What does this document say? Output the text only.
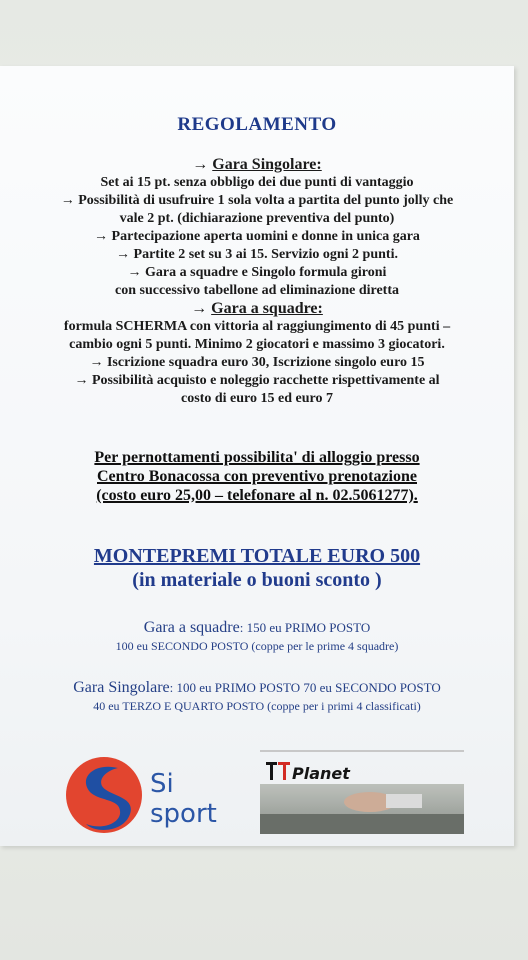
REGOLAMENTO
→ Gara Singolare:
Set ai 15 pt. senza obbligo dei due punti di vantaggio
→ Possibilità di usufruire 1 sola volta a partita del punto jolly che
vale 2 pt. (dichiarazione preventiva del punto)
→ Partecipazione aperta uomini e donne in unica gara
→ Partite 2 set su 3 ai 15. Servizio ogni 2 punti.
→ Gara a squadre e Singolo formula gironi
con successivo tabellone ad eliminazione diretta
→ Gara a squadre:
formula SCHERMA con vittoria al raggiungimento di 45 punti –
cambio ogni 5 punti. Minimo 2 giocatori e massimo 3 giocatori.
→ Iscrizione squadra euro 30, Iscrizione singolo euro 15
→ Possibilità acquisto e noleggio racchette rispettivamente al
costo di euro 15 ed euro 7
Per pernottamenti possibilita' di alloggio presso
Centro Bonacossa con preventivo prenotazione
(costo euro 25,00 – telefonare al n. 02.5061277).
MONTEPREMI TOTALE EURO 500
(in materiale o buoni sconto )
Gara a squadre: 150 eu PRIMO POSTO
100 eu SECONDO POSTO (coppe per le prime 4 squadre)
Gara Singolare: 100 eu PRIMO POSTO 70 eu SECONDO POSTO
40 eu TERZO E QUARTO POSTO (coppe per i primi 4 classificati)
Si
sport
Planet
